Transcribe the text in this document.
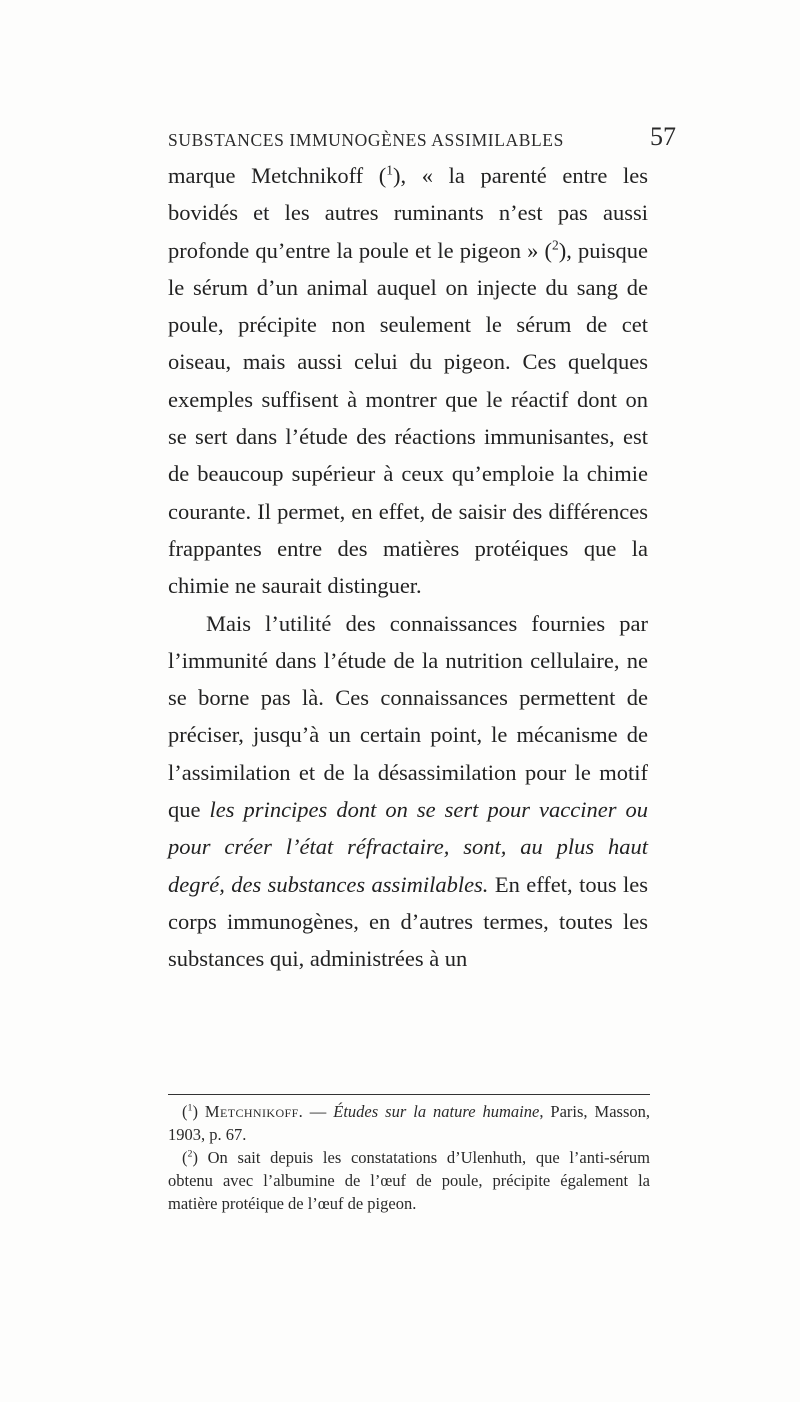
SUBSTANCES IMMUNOGÈNES ASSIMILABLES	57

marque Metchnikoff ($^1$), « la parenté entre les bovidés et les autres ruminants n’est pas aussi profonde qu’entre la poule et le pigeon » ($^2$), puisque le sérum d’un animal auquel on injecte du sang de poule, précipite non seulement le sérum de cet oiseau, mais aussi celui du pigeon. Ces quelques exemples suffisent à montrer que le réactif dont on se sert dans l’étude des réactions immunisantes, est de beaucoup supérieur à ceux qu’emploie la chimie courante. Il permet, en effet, de saisir des différences frappantes entre des matières protéiques que la chimie ne saurait distinguer.

Mais l’utilité des connaissances fournies par l’immunité dans l’étude de la nutrition cellulaire, ne se borne pas là. Ces connaissances permettent de préciser, jusqu’à un certain point, le mécanisme de l’assimilation et de la désassimilation pour le motif que les principes dont on se sert pour vacciner ou pour créer l’état réfractaire, sont, au plus haut degré, des substances assimilables. En effet, tous les corps immunogènes, en d’autres termes, toutes les substances qui, administrées à un

($^1$) Metchnikoff. — Études sur la nature humaine, Paris, Masson, 1903, p. 67.

($^2$) On sait depuis les constatations d’Ulenhuth, que l’anti-sérum obtenu avec l’albumine de l’œuf de poule, précipite également la matière protéique de l’œuf de pigeon.
